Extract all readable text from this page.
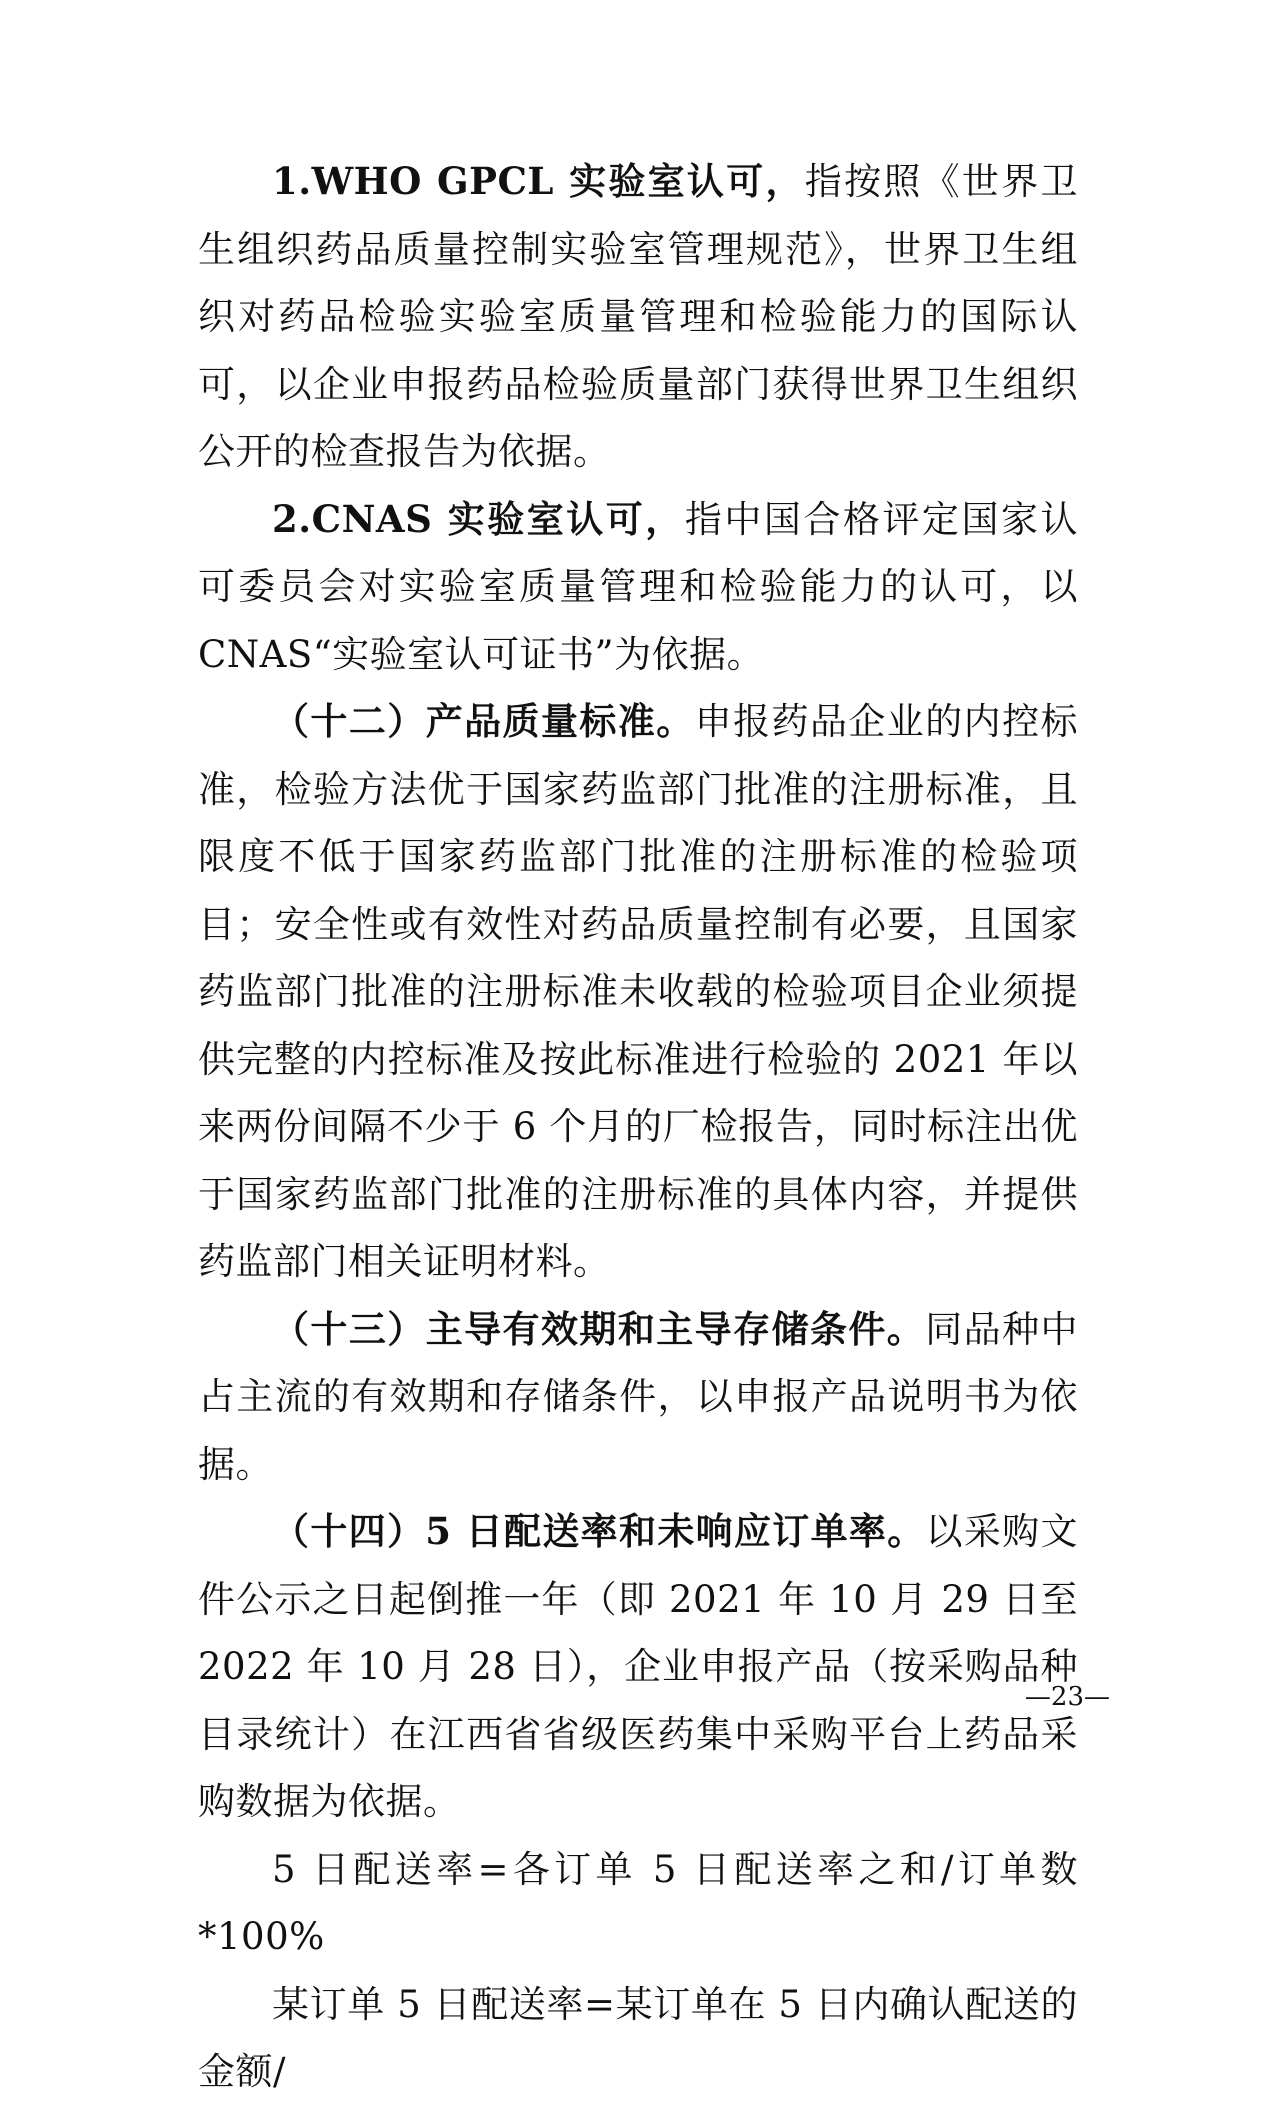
1.WHO GPCL 实验室认可，指按照《世界卫生组织药品质量控制实验室管理规范》，世界卫生组织对药品检验实验室质量管理和检验能力的国际认可，以企业申报药品检验质量部门获得世界卫生组织公开的检查报告为依据。

2.CNAS 实验室认可，指中国合格评定国家认可委员会对实验室质量管理和检验能力的认可，以 CNAS“实验室认可证书”为依据。

（十二）产品质量标准。申报药品企业的内控标准，检验方法优于国家药监部门批准的注册标准，且限度不低于国家药监部门批准的注册标准的检验项目；安全性或有效性对药品质量控制有必要，且国家药监部门批准的注册标准未收载的检验项目企业须提供完整的内控标准及按此标准进行检验的 2021 年以来两份间隔不少于 6 个月的厂检报告，同时标注出优于国家药监部门批准的注册标准的具体内容，并提供药监部门相关证明材料。

（十三）主导有效期和主导存储条件。同品种中占主流的有效期和存储条件，以申报产品说明书为依据。

（十四）5 日配送率和未响应订单率。以采购文件公示之日起倒推一年（即 2021 年 10 月 29 日至 2022 年 10 月 28 日），企业申报产品（按采购品种目录统计）在江西省省级医药集中采购平台上药品采购数据为依据。

5 日配送率=各订单 5 日配送率之和/订单数*100%

某订单 5 日配送率=某订单在 5 日内确认配送的金额/

—23—
